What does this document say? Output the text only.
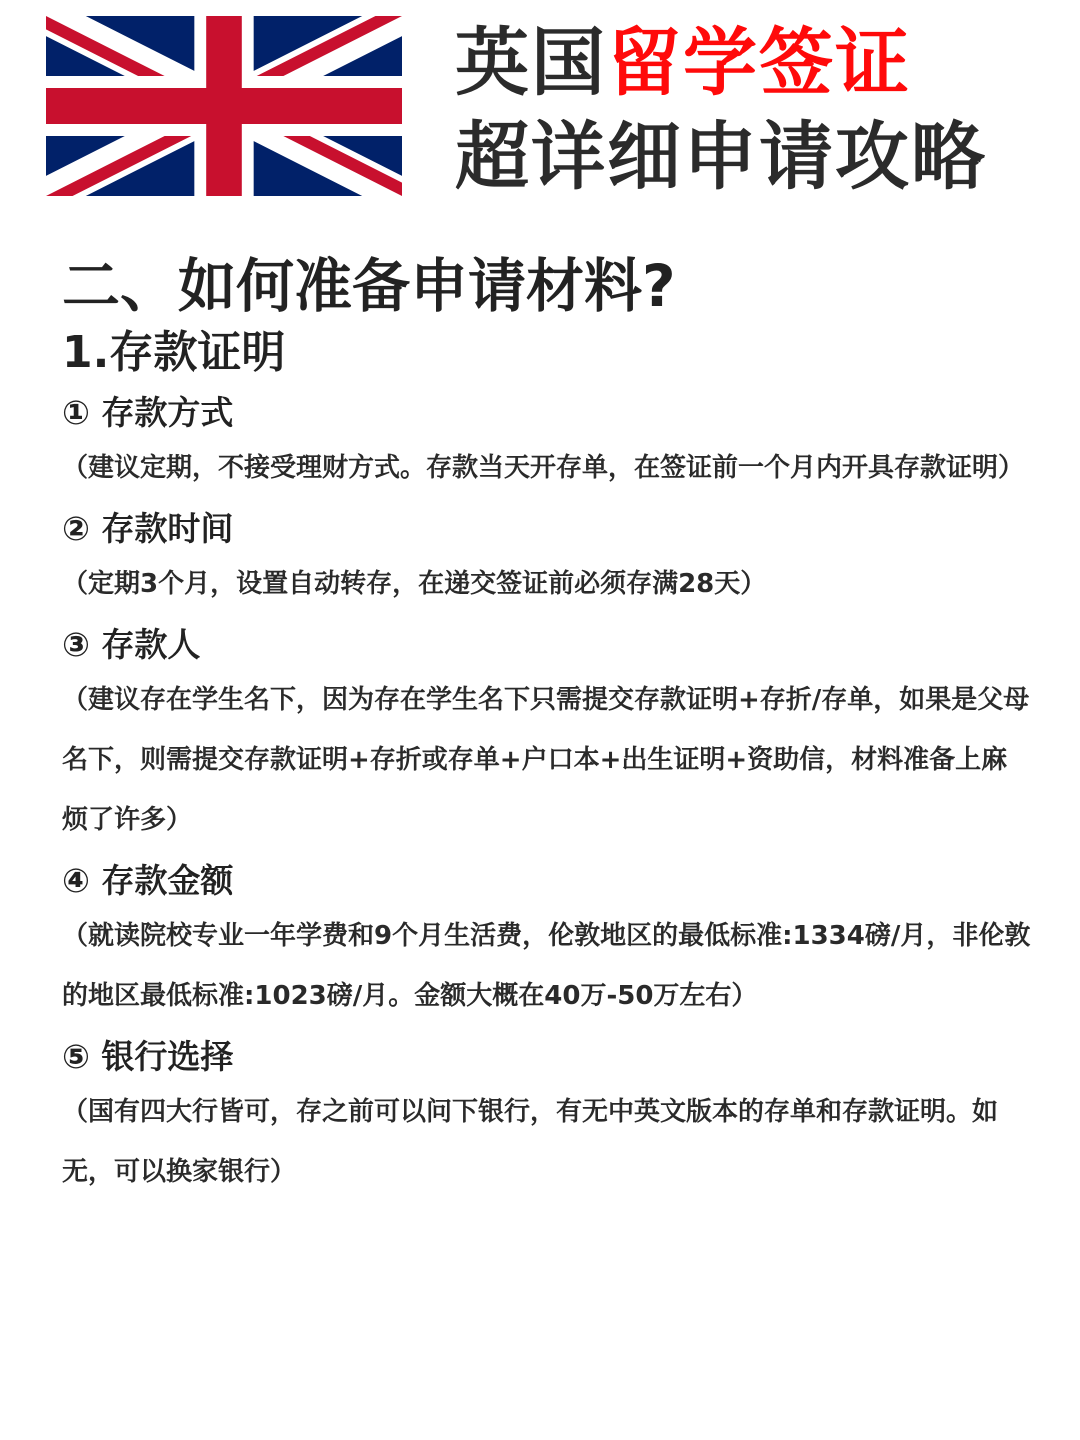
英国留学签证
超详细申请攻略
二、如何准备申请材料?
1.存款证明
① 存款方式
（建议定期，不接受理财方式。存款当天开存单，在签证前一个月内开具存款证明）
② 存款时间
（定期3个月，设置自动转存，在递交签证前必须存满28天）
③ 存款人
（建议存在学生名下，因为存在学生名下只需提交存款证明+存折/存单，如果是父母名下，则需提交存款证明+存折或存单+户口本+出生证明+资助信，材料准备上麻烦了许多）
④ 存款金额
（就读院校专业一年学费和9个月生活费，伦敦地区的最低标准:1334磅/月，非伦敦的地区最低标准:1023磅/月。金额大概在40万-50万左右）
⑤ 银行选择
（国有四大行皆可，存之前可以问下银行，有无中英文版本的存单和存款证明。如无，可以换家银行）
